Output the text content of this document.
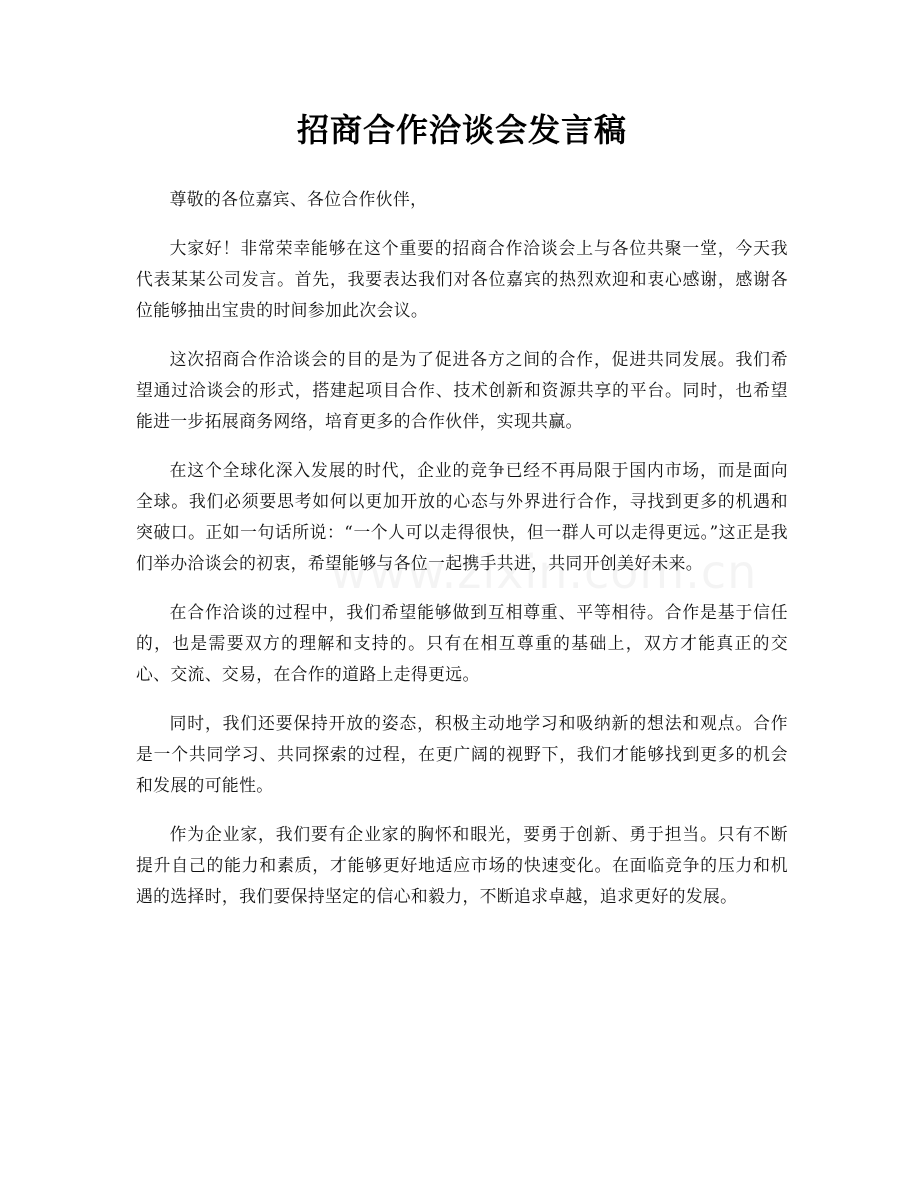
招商合作洽谈会发言稿

尊敬的各位嘉宾、各位合作伙伴，

大家好！非常荣幸能够在这个重要的招商合作洽谈会上与各位共聚一堂，今天我代表某某公司发言。首先，我要表达我们对各位嘉宾的热烈欢迎和衷心感谢，感谢各位能够抽出宝贵的时间参加此次会议。

这次招商合作洽谈会的目的是为了促进各方之间的合作，促进共同发展。我们希望通过洽谈会的形式，搭建起项目合作、技术创新和资源共享的平台。同时，也希望能进一步拓展商务网络，培育更多的合作伙伴，实现共赢。

在这个全球化深入发展的时代，企业的竞争已经不再局限于国内市场，而是面向全球。我们必须要思考如何以更加开放的心态与外界进行合作，寻找到更多的机遇和突破口。正如一句话所说：“一个人可以走得很快，但一群人可以走得更远。”这正是我们举办洽谈会的初衷，希望能够与各位一起携手共进，共同开创美好未来。

在合作洽谈的过程中，我们希望能够做到互相尊重、平等相待。合作是基于信任的，也是需要双方的理解和支持的。只有在相互尊重的基础上，双方才能真正的交心、交流、交易，在合作的道路上走得更远。

同时，我们还要保持开放的姿态，积极主动地学习和吸纳新的想法和观点。合作是一个共同学习、共同探索的过程，在更广阔的视野下，我们才能够找到更多的机会和发展的可能性。

作为企业家，我们要有企业家的胸怀和眼光，要勇于创新、勇于担当。只有不断提升自己的能力和素质，才能够更好地适应市场的快速变化。在面临竞争的压力和机遇的选择时，我们要保持坚定的信心和毅力，不断追求卓越，追求更好的发展。
